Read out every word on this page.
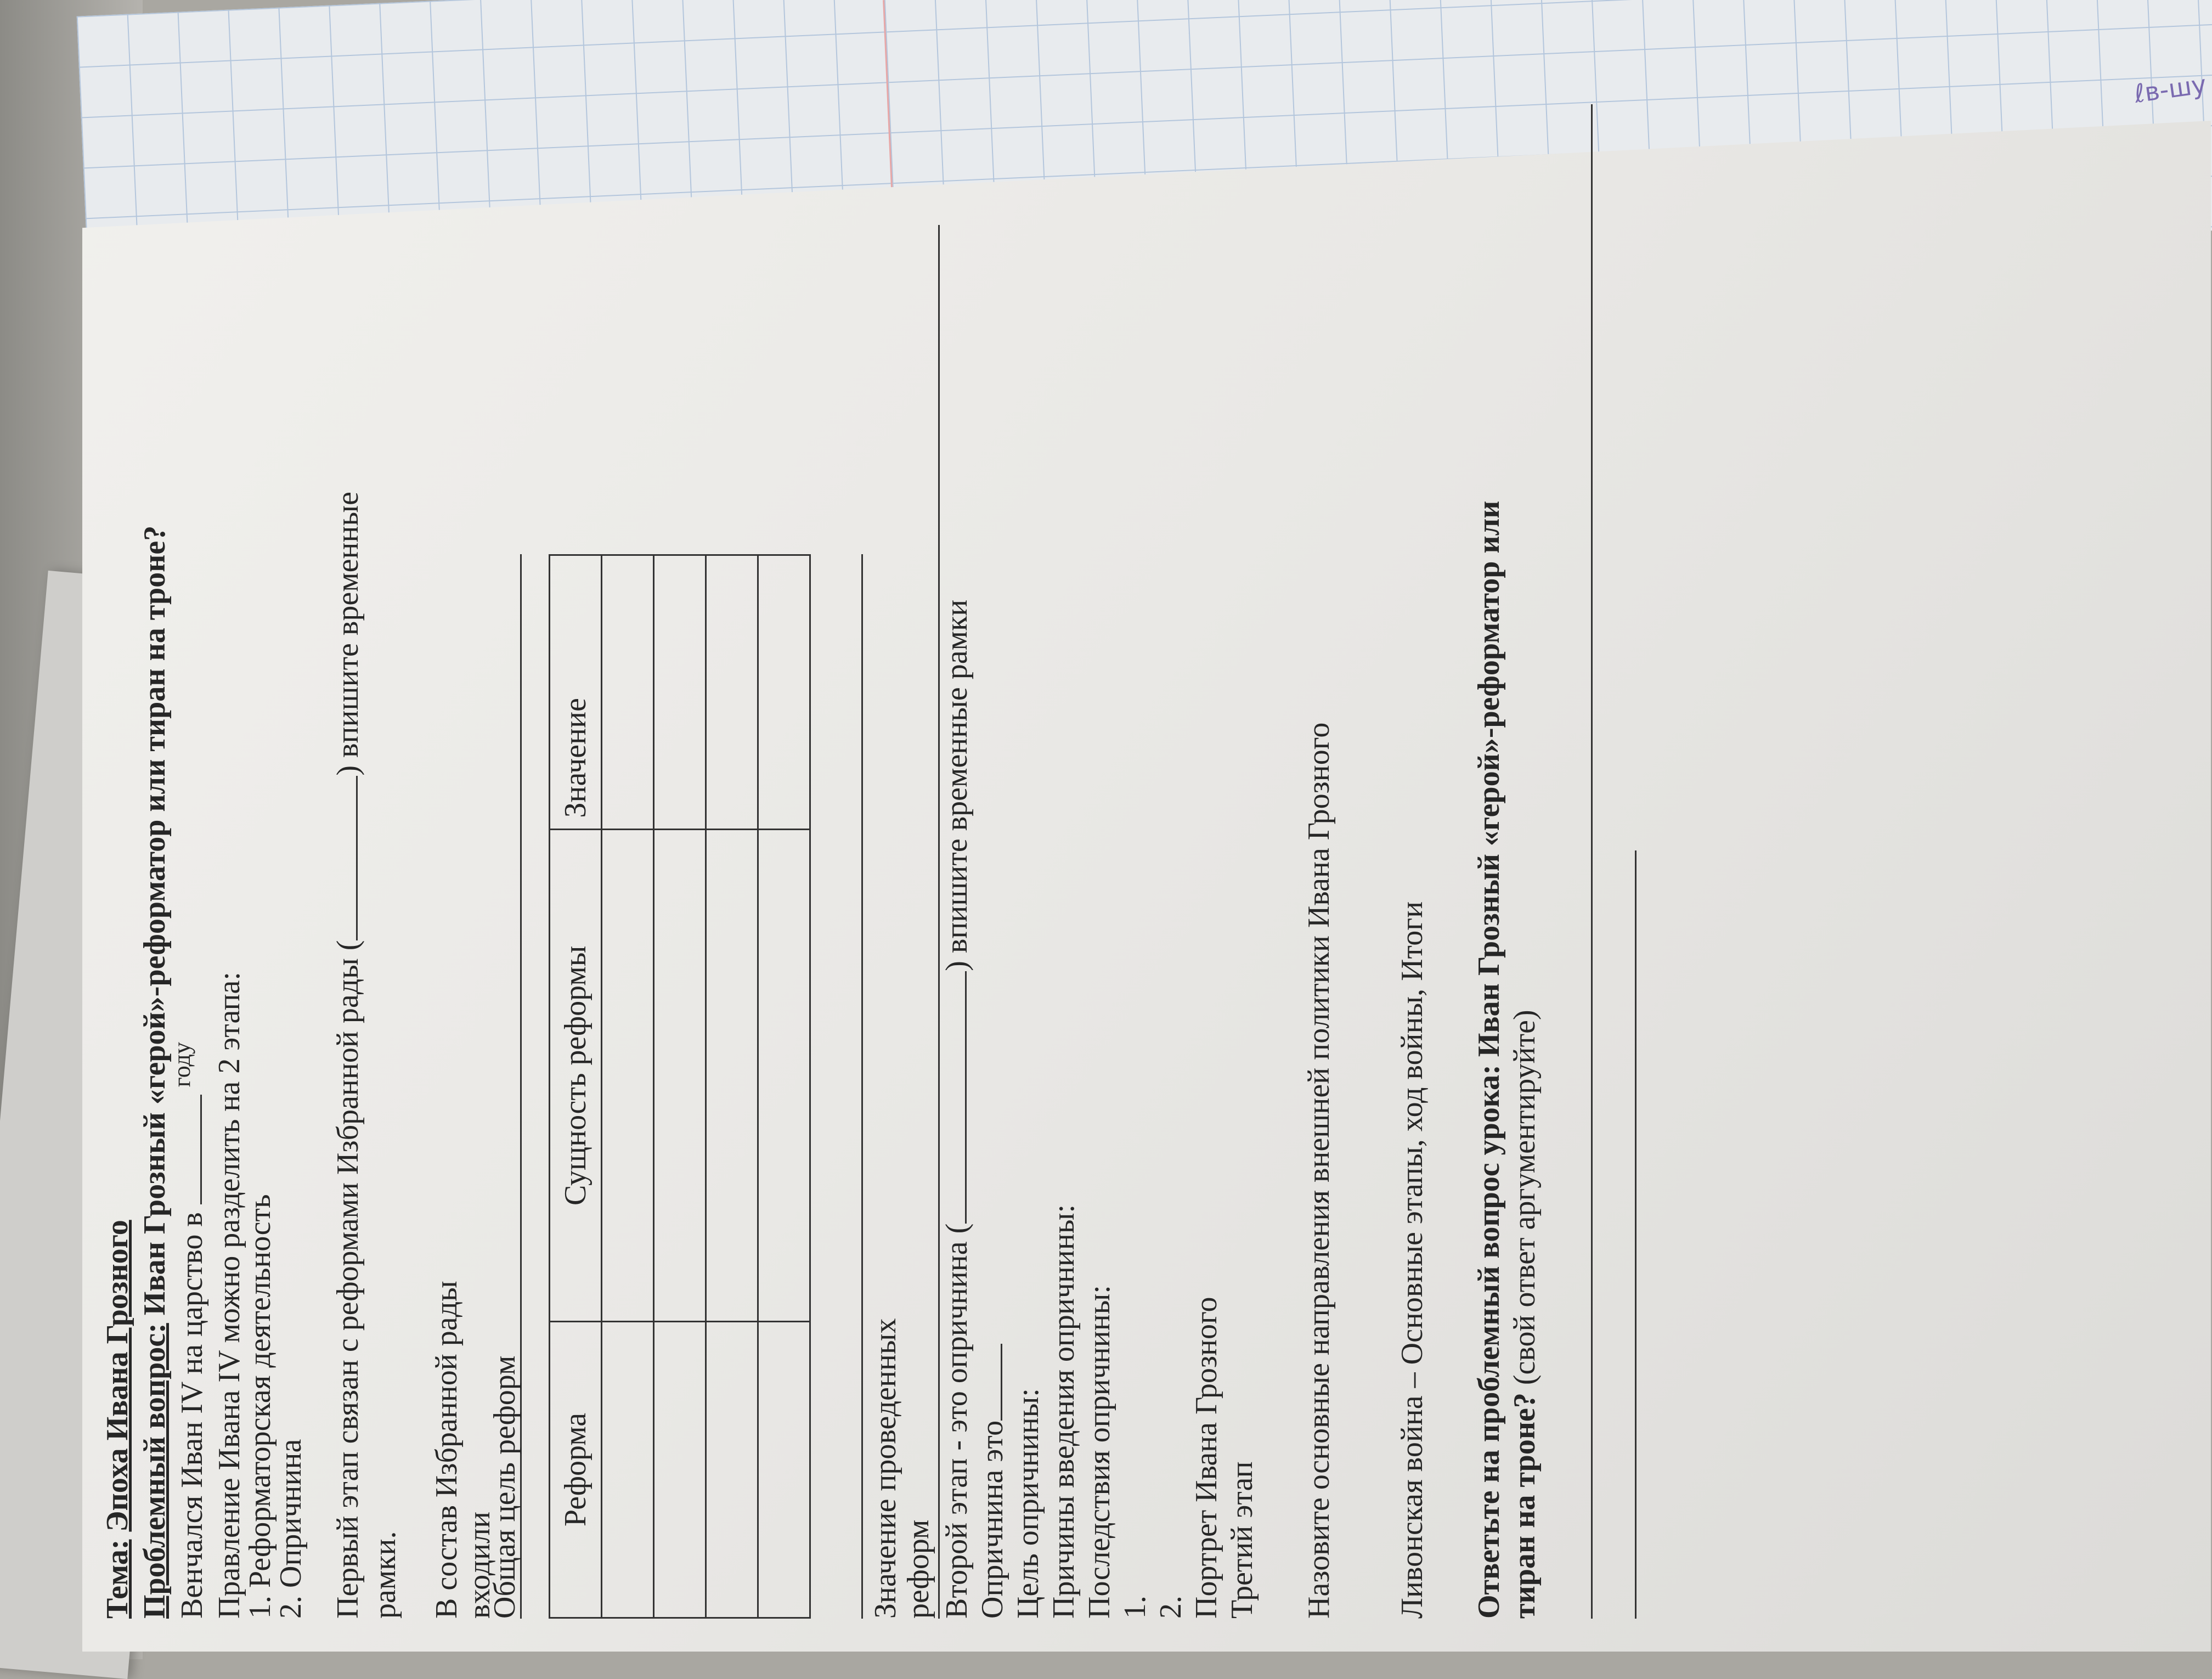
ℓв-шу
Тема: Эпоха Ивана Грозного Проблемный вопрос: Иван Грозный «герой»-реформатор или тиран на троне?
Венчался Иван IV на царство в  $^{году}$ Правление Ивана IV можно разделить на 2 этапа:
1. Реформаторская деятельность
2. Опричнина Первый этап связан с реформами Избранной рады () впишите временные
рамки. В состав Избранной рады
входили
Общая цель реформ Реформа	Сущность реформы	Значение

Значение проведенных
реформ Второй этап - это опричнина () впишите временные рамки
Опричнина это Цель опричнины: Причины введения опричнины: Последствия опричнины: 1. 2. Портрет Ивана Грозного Третий этап Назовите основные направления внешней политики Ивана Грозного Ливонская война – Основные этапы, ход войны, Итоги Ответьте на проблемный вопрос урока: Иван Грозный «герой»-реформатор или тиран на троне? (свой ответ аргументируйте)
